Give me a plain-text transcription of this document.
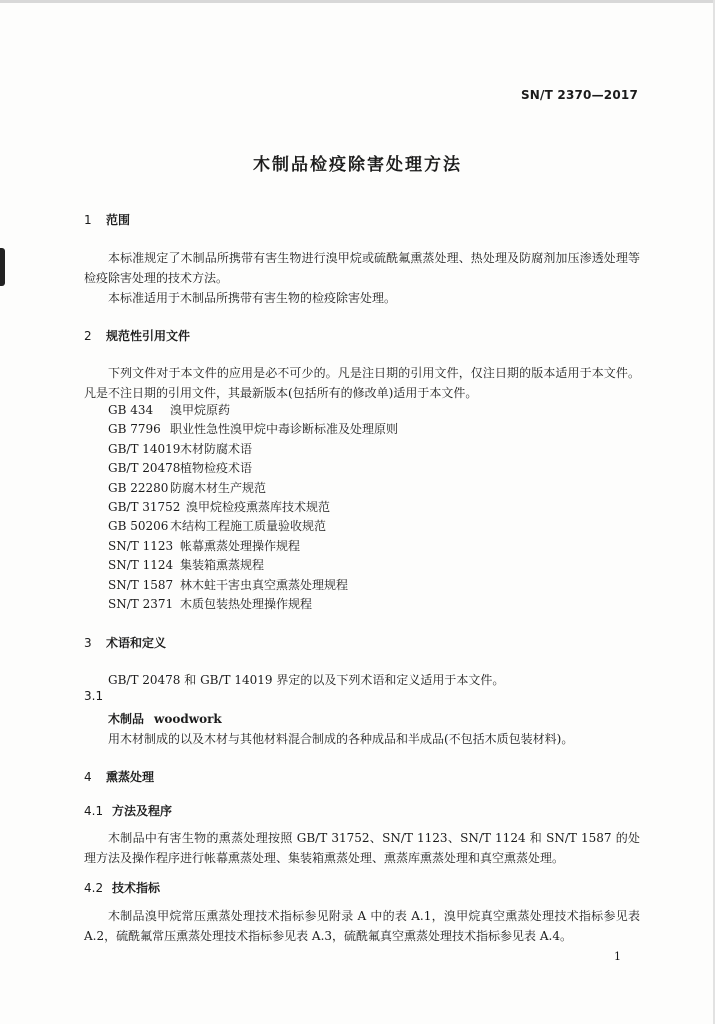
SN/T 2370—2017
木制品检疫除害处理方法
1 范围
本标准规定了木制品所携带有害生物进行溴甲烷或硫酰氟熏蒸处理、热处理及防腐剂加压渗透处理等检疫除害处理的技术方法。
本标准适用于木制品所携带有害生物的检疫除害处理。
2 规范性引用文件
下列文件对于本文件的应用是必不可少的。凡是注日期的引用文件，仅注日期的版本适用于本文件。凡是不注日期的引用文件，其最新版本(包括所有的修改单)适用于本文件。
GB 434 溴甲烷原药
GB 7796 职业性急性溴甲烷中毒诊断标准及处理原则
GB/T 14019木材防腐术语
GB/T 20478植物检疫术语
GB 22280 防腐木材生产规范
GB/T 31752 溴甲烷检疫熏蒸库技术规范
GB 50206 木结构工程施工质量验收规范
SN/T 1123 帐幕熏蒸处理操作规程
SN/T 1124 集装箱熏蒸规程
SN/T 1587 林木蛀干害虫真空熏蒸处理规程
SN/T 2371 木质包装热处理操作规程
3 术语和定义
GB/T 20478 和 GB/T 14019 界定的以及下列术语和定义适用于本文件。
3.1
木制品 woodwork
用木材制成的以及木材与其他材料混合制成的各种成品和半成品(不包括木质包装材料)。
4 熏蒸处理
4.1 方法及程序
木制品中有害生物的熏蒸处理按照 GB/T 31752、SN/T 1123、SN/T 1124 和 SN/T 1587 的处理方法及操作程序进行帐幕熏蒸处理、集装箱熏蒸处理、熏蒸库熏蒸处理和真空熏蒸处理。
4.2 技术指标
木制品溴甲烷常压熏蒸处理技术指标参见附录 A 中的表 A.1，溴甲烷真空熏蒸处理技术指标参见表 A.2，硫酰氟常压熏蒸处理技术指标参见表 A.3，硫酰氟真空熏蒸处理技术指标参见表 A.4。
1
